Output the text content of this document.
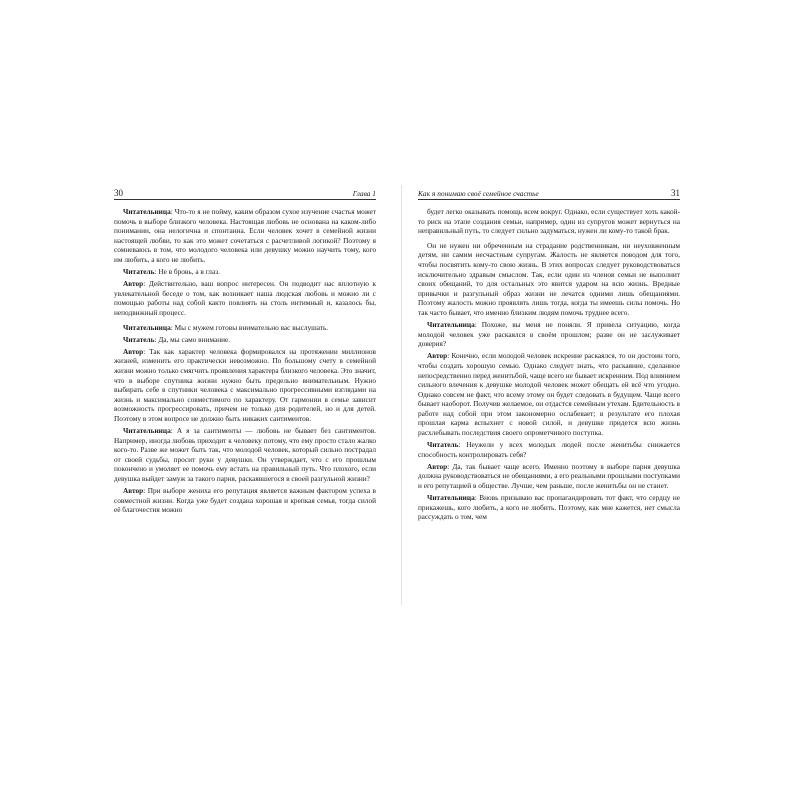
30	Глава 1

Читательница: Что-то я не пойму, каким образом сухое изучение счастья может помочь в выборе близкого человека. Настоящая любовь не основана на каком-либо понимании, она нелогична и спонтанна. Если человек хочет в семейной жизни настоящей любви, то как это может сочетаться с расчетливой логикой? Поэтому я сомневаюсь в том, что молодого человека или девушку можно научить тому, кого им любить, а кого не любить.

Читатель: Не в бровь, а в глаз.

Автор: Действительно, ваш вопрос интересен. Он подводит нас вплотную к увлекательной беседе о том, как возникает наша людская любовь и можно ли с помощью работы над собой както повлиять на столь интимный и, казалось бы, неподвижный процесс.

Читательница: Мы с мужем готовы внимательно вас выслушать.

Читатель: Да, мы само внимание.

Автор: Так как характер человека формировался на протяжении миллионов жизней, изменить его практически невозможно. По большому счету в семейной жизни можно только смягчить проявления характера близкого человека. Это значит, что в выборе спутника жизни нужно быть предельно внимательным. Нужно выбирать себе в спутники человека с максимально прогрессивными взглядами на жизнь и максимально совместимого по характеру. От гармонии в семье зависит возможность прогрессировать, причем не только для родителей, но и для детей. Поэтому в этом вопросе не должно быть никаких сантиментов.

Читательница: А я за сантименты — любовь не бывает без сантиментов. Например, иногда любовь приходит к человеку потому, что ему просто стало жалко кого-то. Разве же может быть так, что молодой человек, который сильно пострадал от своей судьбы, просит руки у девушки. Он утверждает, что с его прошлым покончено и умоляет ее помочь ему встать на правильный путь. Что плохого, если девушка выйдет замуж за такого парня, раскаявшегося в своей разгульной жизни?

Автор: При выборе жениха его репутация является важным фактором успеха в совместной жизни. Когда уже будет создана хорошая и крепкая семья, тогда силой её благочестия можно

Как я понимаю своё семейное счастье	31

будет легко оказывать помощь всем вокруг. Однако, если существует хоть какой-то риск на этапе создания семьи, например, один из супругов может вернуться на неправильный путь, то следует сильно задуматься, нужен ли кому-то такой брак.

Он не нужен ни обреченным на страдание родственникам, ни неуховженным детям, ни самим несчастным супругам. Жалость не является поводом для того, чтобы посвятить кому-то свою жизнь. В этих вопросах следует руководствоваться исключительно здравым смыслом. Так, если один из членов семьи не выполнит своих обещаний, то для остальных это явится ударом на всю жизнь. Вредные привычки и разгульный образ жизни не лечатся одними лишь обещаниями. Поэтому жалость можно проявлять лишь тогда, когда ты имеешь силы помочь. Но так часто бывает, что именно близким людям помочь труднее всего.

Читательница: Похоже, вы меня не поняли. Я привела ситуацию, когда молодой человек уже раскаялся в своём прошлом; разве он не заслуживает доверия?

Автор: Конечно, если молодой человек искренне раскаялся, то он достоин того, чтобы создать хорошую семью. Однако следует знать, что раскаяние, сделанное непосредственно перед женитьбой, чаще всего не бывает искренним. Под влиянием сильного влечения к девушке молодой человек может обещать ей всё что угодно. Однако совсем не факт, что всему этому он будет следовать в будущем. Чаще всего бывает наоборот. Получив желаемое, он отдастся семейным утехам. Бдительность в работе над собой при этом закономерно ослабевает; в результате его плохая прошлая карма вспыхнет с новой силой, и девушке придется всю жизнь расхлебывать последствия своего опрометчивого поступка.

Читатель: Неужели у всех молодых людей после женитьбы снижается способность контролировать себя?

Автор: Да, так бывает чаще всего. Именно поэтому в выборе парня девушка должна руководствоваться не обещаниями, а его реальными прошлыми поступками и его репутацией в обществе. Лучше, чем раньше, после женитьбы он не станет.

Читательница: Вновь призываю вас пропагандировать тот факт, что сердцу не прикажешь, кого любить, а кого не любить. Поэтому, как мне кажется, нет смысла рассуждать о том, чем
